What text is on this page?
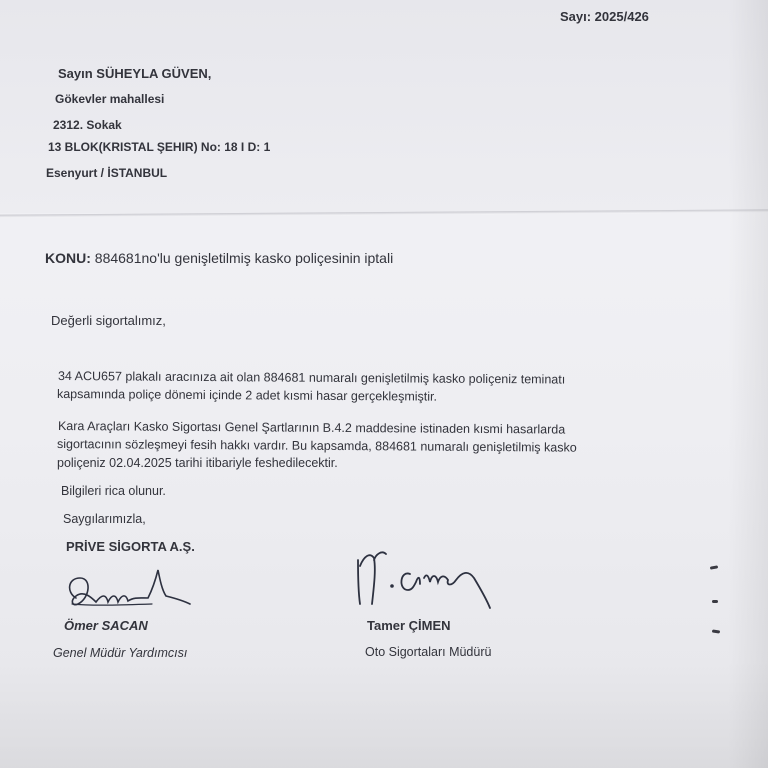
Sayı: 2025/426
Sayın SÜHEYLA GÜVEN,
Gökevler mahallesi
2312. Sokak
13 BLOK(KRISTAL ŞEHIR) No: 18 I D: 1
Esenyurt / İSTANBUL
KONU: 884681no'lu genişletilmiş kasko poliçesinin iptali
Değerli sigortalımız,
34 ACU657 plakalı aracınıza ait olan 884681 numaralı genişletilmiş kasko poliçeniz teminatı
kapsamında poliçe dönemi içinde 2 adet kısmi hasar gerçekleşmiştir.
Kara Araçları Kasko Sigortası Genel Şartlarının B.4.2 maddesine istinaden kısmi hasarlarda
sigortacının sözleşmeyi fesih hakkı vardır. Bu kapsamda, 884681 numaralı genişletilmiş kasko
poliçeniz 02.04.2025 tarihi itibariyle feshedilecektir.
Bilgileri rica olunur.
Saygılarımızla,
PRİVE SİGORTA A.Ş.
Ömer SACAN
Genel Müdür Yardımcısı
Tamer ÇİMEN
Oto Sigortaları Müdürü
